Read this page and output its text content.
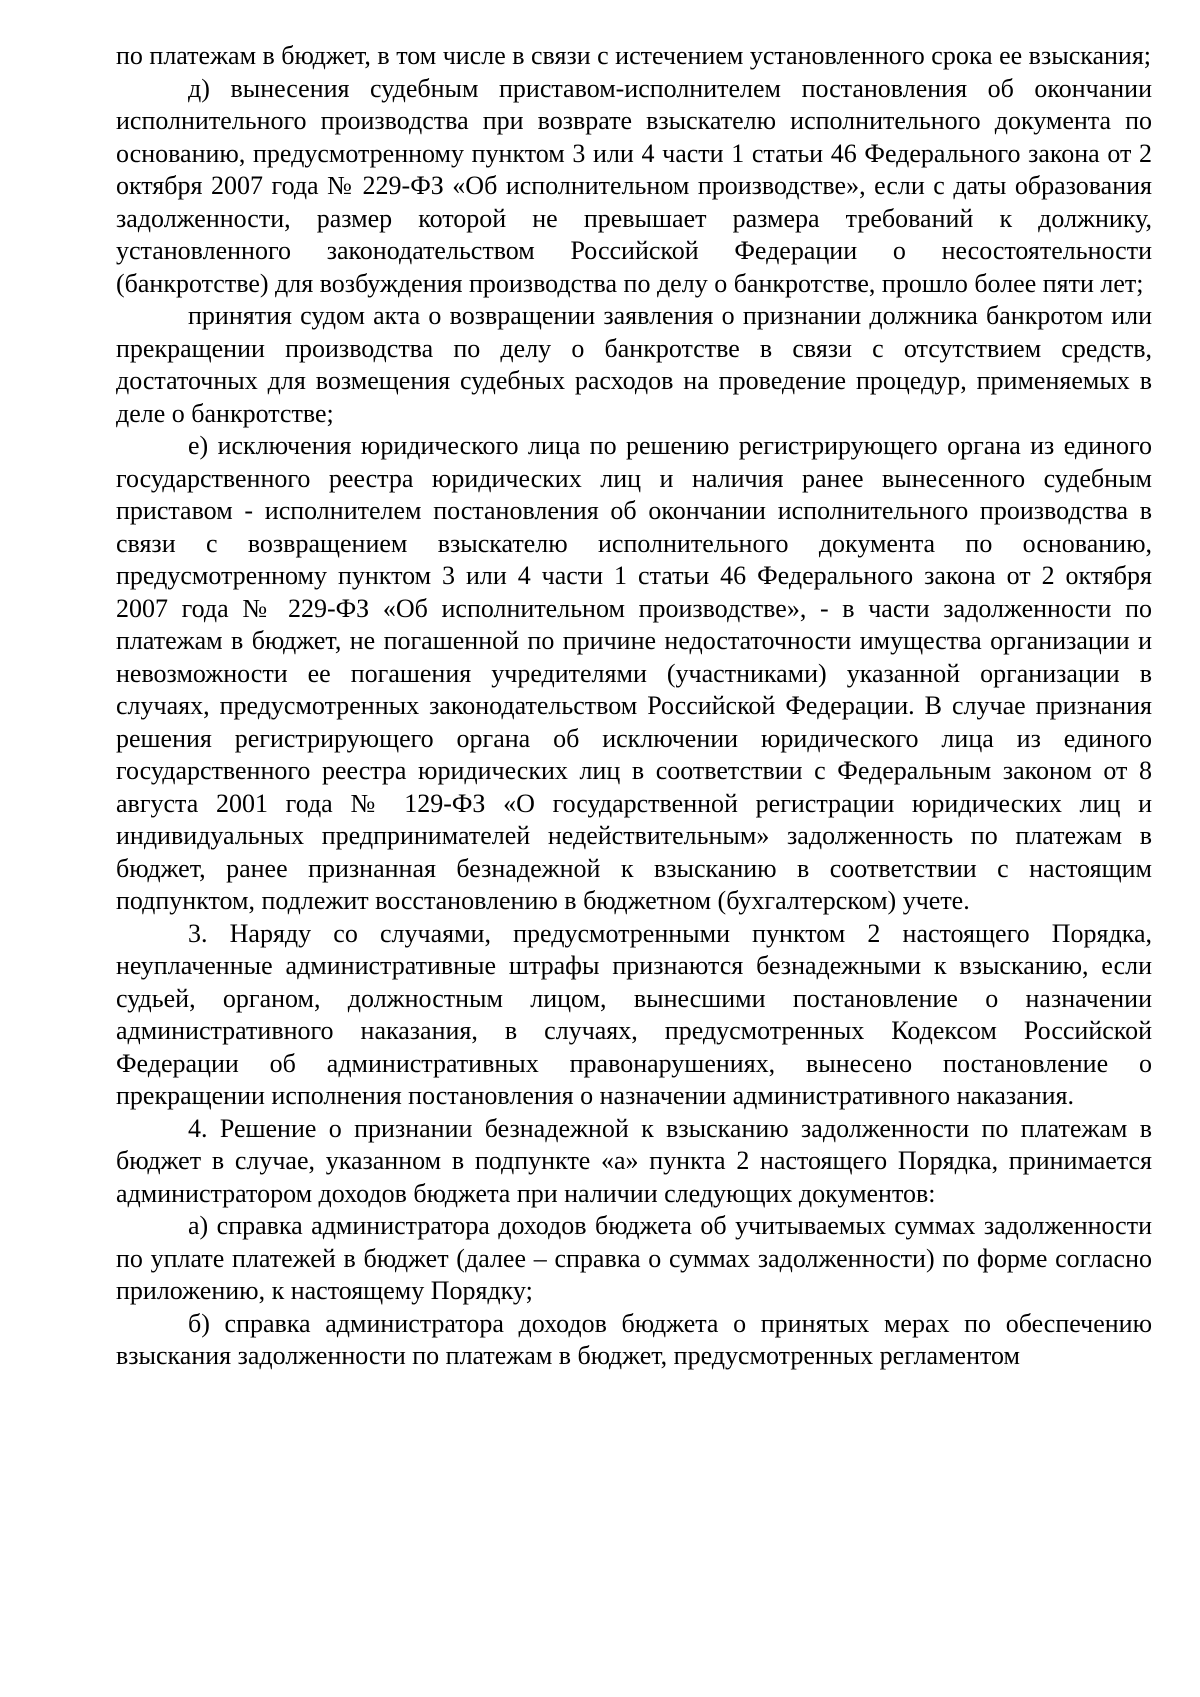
по платежам в бюджет, в том числе в связи с истечением установленного срока ее взыскания;

д) вынесения судебным приставом-исполнителем постановления об окончании исполнительного производства при возврате взыскателю исполнительного документа по основанию, предусмотренному пунктом 3 или 4 части 1 статьи 46 Федерального закона от 2 октября 2007 года № 229-ФЗ «Об исполнительном производстве», если с даты образования задолженности, размер которой не превышает размера требований к должнику, установленного законодательством Российской Федерации о несостоятельности (банкротстве) для возбуждения производства по делу о банкротстве, прошло более пяти лет;

принятия судом акта о возвращении заявления о признании должника банкротом или прекращении производства по делу о банкротстве в связи с отсутствием средств, достаточных для возмещения судебных расходов на проведение процедур, применяемых в деле о банкротстве;

е) исключения юридического лица по решению регистрирующего органа из единого государственного реестра юридических лиц и наличия ранее вынесенного судебным приставом - исполнителем постановления об окончании исполнительного производства в связи с возвращением взыскателю исполнительного документа по основанию, предусмотренному пунктом 3 или 4 части 1 статьи 46 Федерального закона от 2 октября 2007 года № 229-ФЗ «Об исполнительном производстве», - в части задолженности по платежам в бюджет, не погашенной по причине недостаточности имущества организации и невозможности ее погашения учредителями (участниками) указанной организации в случаях, предусмотренных законодательством Российской Федерации. В случае признания решения регистрирующего органа об исключении юридического лица из единого государственного реестра юридических лиц в соответствии с Федеральным законом от 8 августа 2001 года № 129-ФЗ «О государственной регистрации юридических лиц и индивидуальных предпринимателей недействительным» задолженность по платежам в бюджет, ранее признанная безнадежной к взысканию в соответствии с настоящим подпунктом, подлежит восстановлению в бюджетном (бухгалтерском) учете.

3. Наряду со случаями, предусмотренными пунктом 2 настоящего Порядка, неуплаченные административные штрафы признаются безнадежными к взысканию, если судьей, органом, должностным лицом, вынесшими постановление о назначении административного наказания, в случаях, предусмотренных Кодексом Российской Федерации об административных правонарушениях, вынесено постановление о прекращении исполнения постановления о назначении административного наказания.

4. Решение о признании безнадежной к взысканию задолженности по платежам в бюджет в случае, указанном в подпункте «а» пункта 2 настоящего Порядка, принимается администратором доходов бюджета при наличии следующих документов:

а) справка администратора доходов бюджета об учитываемых суммах задолженности по уплате платежей в бюджет (далее – справка о суммах задолженности) по форме согласно приложению, к настоящему Порядку;

б) справка администратора доходов бюджета о принятых мерах по обеспечению взыскания задолженности по платежам в бюджет, предусмотренных регламентом
